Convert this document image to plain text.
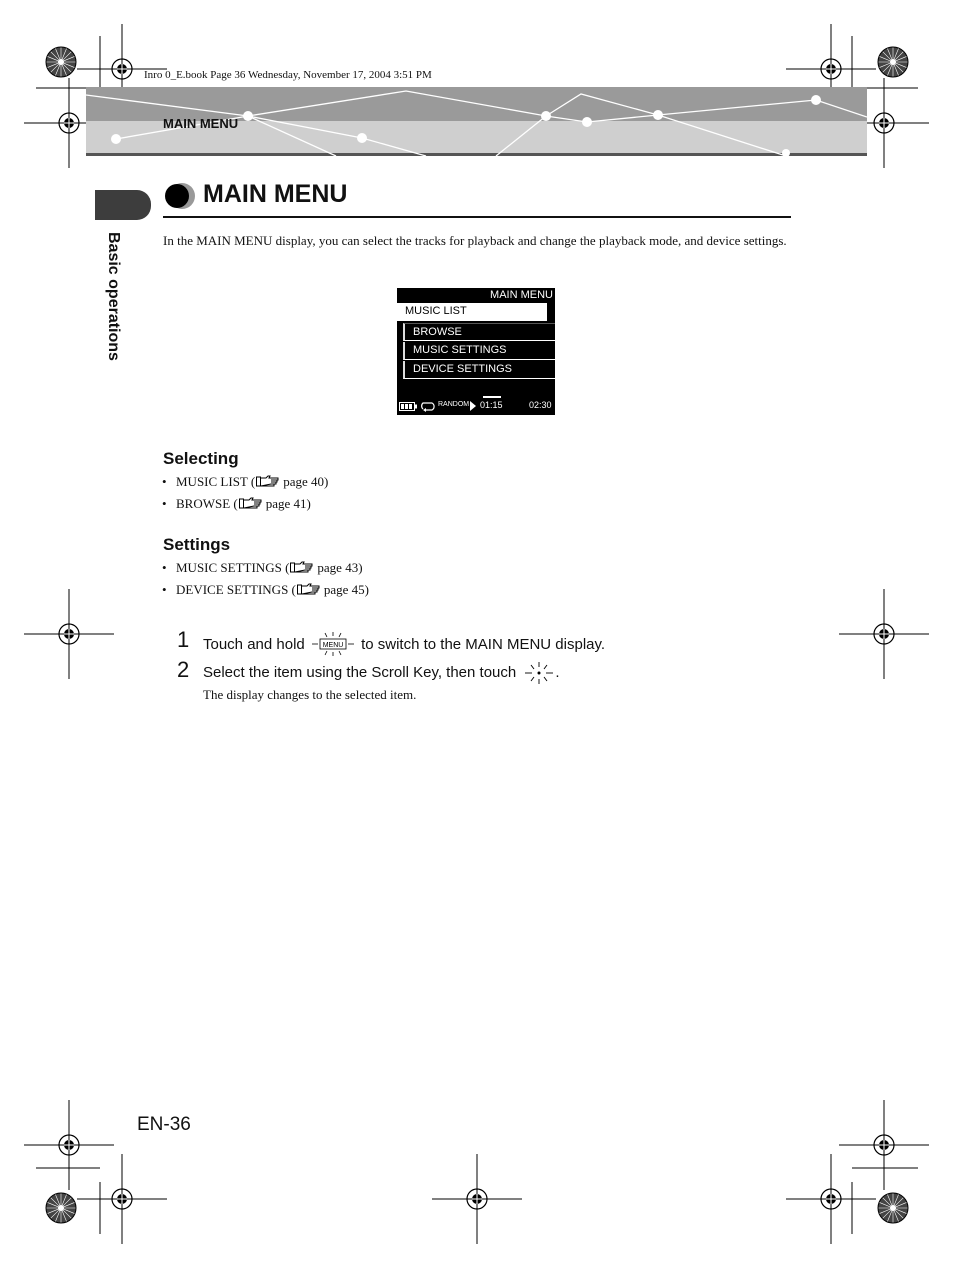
Inro 0_E.book Page 36 Wednesday, November 17, 2004 3:51 PM
MAIN MENU
Basic operations
MAIN MENU
In the MAIN MENU display, you can select the tracks for playback and change the playback mode, and device settings.
MAIN MENU
MUSIC LIST
BROWSE
MUSIC SETTINGS
DEVICE SETTINGS
RANDOM 01:15	02:30
Selecting
• MUSIC LIST ( page 40)
• BROWSE ( page 41)
Settings
• MUSIC SETTINGS ( page 43)
• DEVICE SETTINGS ( page 45)
1 Touch and hold	MENU to switch to the MAIN MENU display.
2 Select the item using the Scroll Key, then touch	.
The display changes to the selected item.
EN-36
